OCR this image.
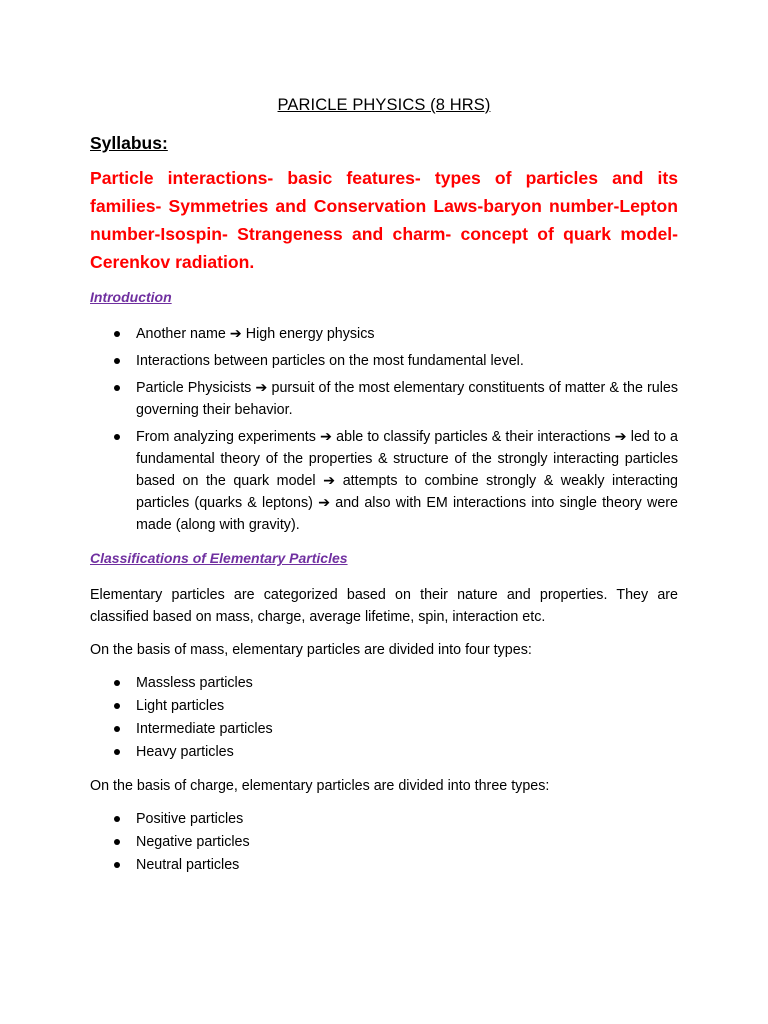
PARICLE PHYSICS (8 HRS)
Syllabus:
Particle interactions- basic features- types of particles and its families- Symmetries and Conservation Laws-baryon number-Lepton number-Isospin- Strangeness and charm- concept of quark model-Cerenkov radiation.
Introduction
Another name ➔ High energy physics
Interactions between particles on the most fundamental level.
Particle Physicists ➔ pursuit of the most elementary constituents of matter & the rules governing their behavior.
From analyzing experiments ➔ able to classify particles & their interactions ➔ led to a fundamental theory of the properties & structure of the strongly interacting particles based on the quark model ➔ attempts to combine strongly & weakly interacting particles (quarks & leptons) ➔ and also with EM interactions into single theory were made (along with gravity).
Classifications of Elementary Particles

Elementary particles are categorized based on their nature and properties. They are classified based on mass, charge, average lifetime, spin, interaction etc.

On the basis of mass, elementary particles are divided into four types:

Massless particles
Light particles
Intermediate particles
Heavy particles

On the basis of charge, elementary particles are divided into three types:

Positive particles
Negative particles
Neutral particles
